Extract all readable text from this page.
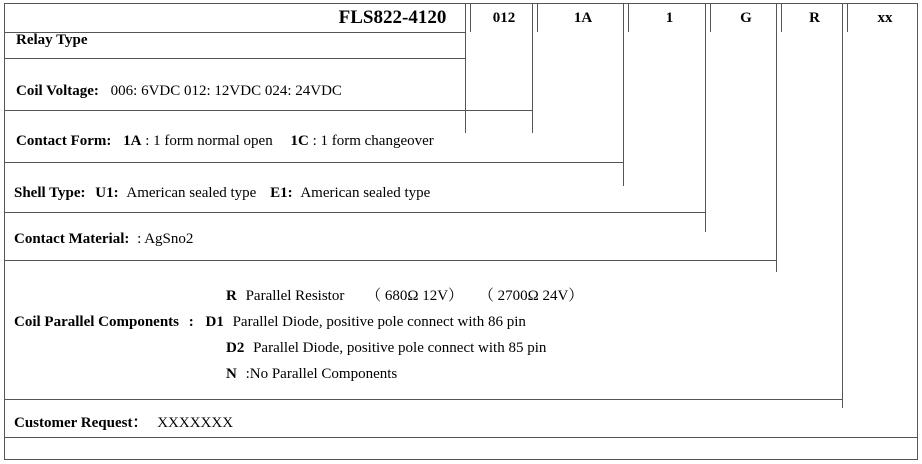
FLS822-4120	012	1A	1	G	R	xx
Relay Type
Coil Voltage: 006: 6VDC 012: 12VDC 024: 24VDC
Contact Form: 1A : 1 form normal open 1C : 1 form changeover
Shell Type: U1: American sealed type E1: American sealed type
Contact Material: : AgSno2
R Parallel Resistor （ 680Ω 12V） （ 2700Ω 24V）
Coil Parallel Components : D1 Parallel Diode, positive pole connect with 86 pin
D2 Parallel Diode, positive pole connect with 85 pin
N :No Parallel Components
Customer Request： XXXXXXX
